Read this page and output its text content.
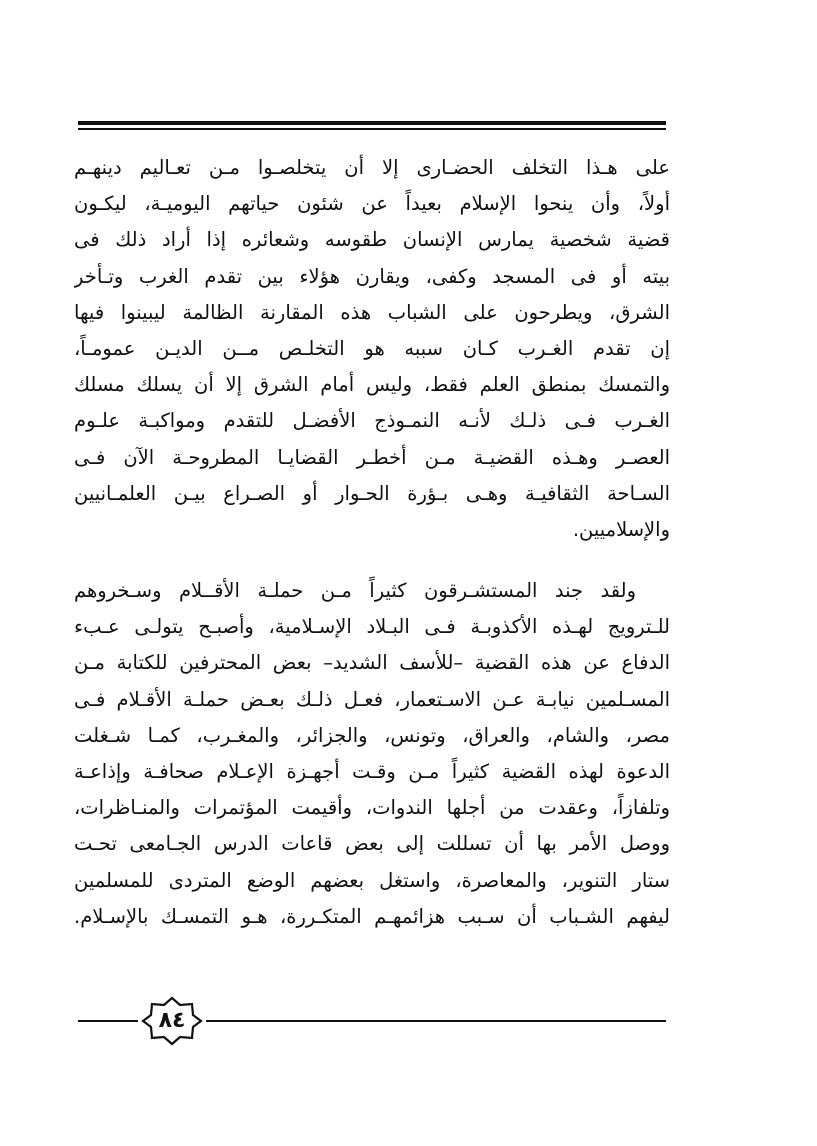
على هـذا التخلف الحضـارى إلا أن يتخلصـوا مـن تعـاليم دينهـم
أولاً، وأن ينحوا الإسلام بعيداً عن شئون حياتهم اليوميـة، ليكـون
قضية شخصية يمارس الإنسان طقوسه وشعائره إذا أراد ذلك فى
بيته أو فى المسجد وكفى، ويقارن هؤلاء بين تقدم الغرب وتـأخر
الشرق، ويطرحون على الشباب هذه المقارنة الظالمة ليبينوا فيها
إن تقدم الغـرب كـان سببه هو التخلـص مــن الديـن عمومـاً،
والتمسك بمنطق العلم فقط، وليس أمام الشرق إلا أن يسلك مسلك
الغـرب فـى ذلـك لأنـه النمـوذج الأفضـل للتقدم ومواكبـة علـوم
العصـر وهـذه القضيـة مـن أخطـر القضايـا المطروحـة الآن فـى
السـاحة الثقافيـة وهـى بـؤرة الحـوار أو الصـراع بيـن العلمـانيين
والإسلاميين.
ولقد جند المستشـرقون كثيراً مـن حملـة الأقــلام وسـخروهم
للـترويج لهـذه الأكذوبـة فـى البـلاد الإسـلامية، وأصبـح يتولـى عـبء
الدفاع عن هذه القضية –للأسف الشديد– بعض المحترفين للكتابة مـن
المسـلمين نيابـة عـن الاسـتعمار، فعـل ذلـك بعـض حملـة الأقـلام فـى
مصر، والشام، والعراق، وتونس، والجزائر، والمغـرب، كمـا شـغلت
الدعوة لهذه القضية كثيراً مـن وقـت أجهـزة الإعـلام صحافـة وإذاعـة
وتلفازاً، وعقدت من أجلها الندوات، وأقيمت المؤتمرات والمنـاظرات،
ووصل الأمر بها أن تسللت إلى بعض قاعات الدرس الجـامعى تحـت
ستار التنوير، والمعاصرة، واستغل بعضهم الوضع المتردى للمسلمين
ليفهم الشـباب أن سـبب هزائمهـم المتكـررة، هـو التمسـك بالإسـلام.
٨٤
